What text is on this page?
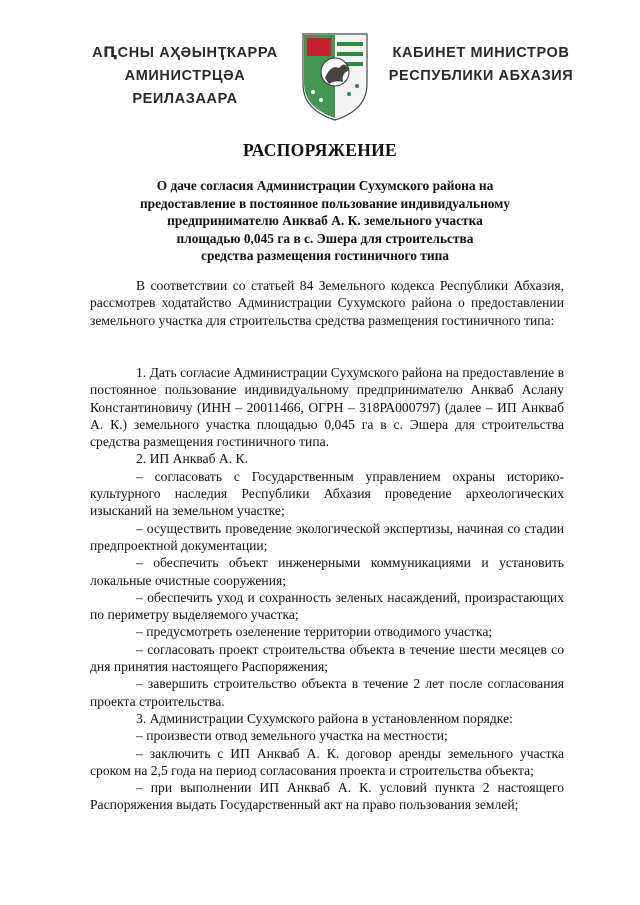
АԤСНЫ АҲӘЫНҬҞАРРА
АМИНИСТРЦӘА РЕИЛАЗААРА
КАБИНЕТ МИНИСТРОВ
РЕСПУБЛИКИ АБХАЗИЯ
РАСПОРЯЖЕНИЕ
О даче согласия Администрации Сухумского района на
предоставление в постоянное пользование индивидуальному
предпринимателю Анкваб А. К. земельного участка
площадью 0,045 га в с. Эшера для строительства
средства размещения гостиничного типа

В соответствии со статьей 84 Земельного кодекса Республики Абхазия, рассмотрев ходатайство Администрации Сухумского района о предоставлении земельного участка для строительства средства размещения гостиничного типа:

1. Дать согласие Администрации Сухумского района на предоставление в постоянное пользование индивидуальному предпринимателю Анкваб Аслану Константиновичу (ИНН – 20011466, ОГРН – 318РА000797) (далее – ИП Анкваб А. К.) земельного участка площадью 0,045 га в с. Эшера для строительства средства размещения гостиничного типа.

2. ИП Анкваб А. К.

– согласовать с Государственным управлением охраны историко-культурного наследия Республики Абхазия проведение археологических изысканий на земельном участке;

– осуществить проведение экологической экспертизы, начиная со стадии предпроектной документации;

– обеспечить объект инженерными коммуникациями и установить локальные очистные сооружения;

– обеспечить уход и сохранность зеленых насаждений, произрастающих по периметру выделяемого участка;

– предусмотреть озеленение территории отводимого участка;

– согласовать проект строительства объекта в течение шести месяцев со дня принятия настоящего Распоряжения;

– завершить строительство объекта в течение 2 лет после согласования проекта строительства.

3. Администрации Сухумского района в установленном порядке:

– произвести отвод земельного участка на местности;

– заключить с ИП Анкваб А. К. договор аренды земельного участка сроком на 2,5 года на период согласования проекта и строительства объекта;

– при выполнении ИП Анкваб А. К. условий пункта 2 настоящего Распоряжения выдать Государственный акт на право пользования землей;
